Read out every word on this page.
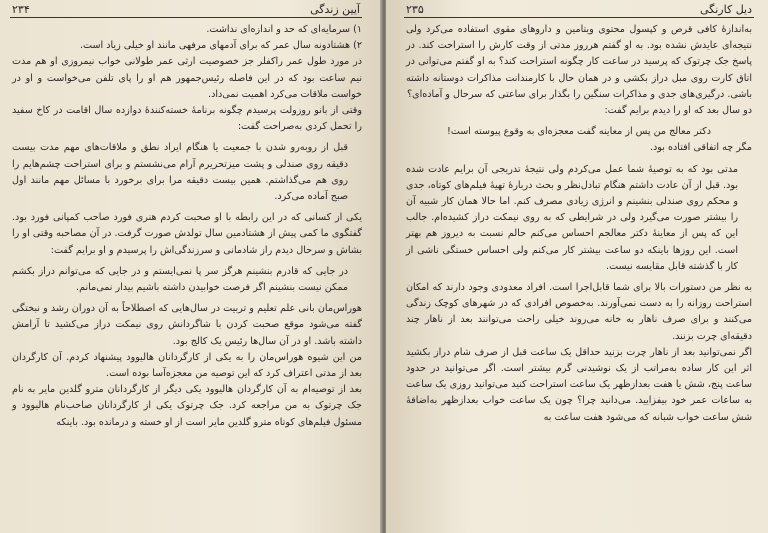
آیین زندگی
۲۳۴

۱) سرمایه‌ای که حد و اندازه‌ای نداشت.

۲) هشتادونه سال عمر که برای آدمهای مرفهی مانند او خیلی زیاد است.

در مورد طول عمر راکفلر جز خصوصیت ارثی عمر طولانی خواب نیمروزی او هم مدت نیم ساعت بود که در این فاصله رئیس‌جمهور هم او را پای تلفن می‌خواست و او در خواست ملاقات می‌کرد اهمیت نمی‌داد.

وقتی از بانو روزولت پرسیدم چگونه برنامهٔ خسته‌کنندهٔ دوازده سال اقامت در کاخ سفید را تحمل کردی به‌صراحت گفت:

قبل از روبه‌رو شدن با جمعیت یا هنگام ایراد نطق و ملاقات‌های مهم مدت بیست دقیقه روی صندلی و پشت میزتحریرم آرام می‌نشستم و برای استراحت چشم‌هایم را روی هم می‌گذاشتم. همین بیست دقیقه مرا برای برخورد با مسائل مهم مانند اول صبح آماده می‌کرد.

یکی از کسانی که در این رابطه با او صحبت کردم هنری فورد صاحب کمپانی فورد بود. گفتگوی ما کمی پیش از هشتادمین سال تولدش صورت گرفت. در آن مصاحبه وقتی او را بشاش و سرحال دیدم راز شادمانی و سرزندگی‌اش را پرسیدم و او برایم گفت:

در جایی که قادرم بنشینم هرگز سر پا نمی‌ایستم و در جایی که می‌توانم دراز بکشم ممکن نیست بنشینم اگر فرصت خوابیدن داشته باشیم بیدار نمی‌مانم.

هوراس‌مان بانی علم تعلیم و تربیت در سال‌هایی که اصطلاحاً به آن دوران رشد و نبختگی گفته می‌شود موقع صحبت کردن با شاگردانش روی نیمکت دراز می‌کشید تا آرامش داشته باشد. او در آن سال‌ها رئیس یک کالج بود.

من این شیوه هوراس‌مان را به یکی از کارگردانان هالیوود پیشنهاد کردم. آن کارگردان بعد از مدتی اعتراف کرد که این توصیه من معجزه‌آسا بوده است.

بعد از توصیه‌ام به آن کارگردان هالیوود یکی دیگر از کارگردانان مترو گلدین مایر به نام جک چرتوک به من مراجعه کرد. جک چرتوک یکی از کارگردانان صاحب‌نام هالیوود و مسئول فیلم‌های کوتاه مترو گلدین مایر است از او خسته و درمانده بود. باینکه

دیل کارنگی
۲۳۵

به‌اندازهٔ کافی قرص و کپسول محتوی ویتامین و داروهای مقوی استفاده می‌کرد ولی نتیجه‌ای عایدش نشده بود. به او گفتم هرروز مدتی از وقت کارش را استراحت کند. در پاسخ جک چرتوک که پرسید در ساعت کار چگونه استراحت کند؟ به او گفتم می‌توانی در اتاق کارت روی مبل دراز بکشی و در همان حال با کارمندانت مذاکرات دوستانه داشته باشی. درگیری‌های جدی و مذاکرات سنگین را بگذار برای ساعتی که سرحال و آماده‌ای؟

دو سال بعد که او را دیدم برایم گفت:

دکتر معالج من پس از معاینه گفت معجزه‌ای به وقوع پیوسته است!

مگر چه اتفاقی افتاده بود.

مدتی بود که به توصیهٔ شما عمل می‌کردم ولی نتیجهٔ تدریجی آن برایم عادت شده بود. قبل از آن عادت داشتم هنگام تبادل‌نظر و بحث دربارهٔ تهیهٔ فیلم‌های کوتاه، جدی و محکم روی صندلی بنشینم و انرژی زیادی مصرف کنم. اما حالا همان کار شبیه آن را بیشتر صورت می‌گیرد ولی در شرایطی که به روی نیمکت دراز کشیده‌ام. جالب این که پس از معاینهٔ دکتر معالجم احساس می‌کنم حالم نسبت به دیروز هم بهتر است. این روزها باینکه دو ساعت بیشتر کار می‌کنم ولی احساس خستگی ناشی از کار با گذشته قابل مقایسه نیست.

به نظر من دستورات بالا برای شما قابل‌اجرا است. افراد معدودی وجود دارند که امکان استراحت روزانه را به دست نمی‌آورند. به‌خصوص افرادی که در شهرهای کوچک زندگی می‌کنند و برای صرف ناهار به خانه می‌روند خیلی راحت می‌توانند بعد از ناهار چند دقیقه‌ای چرت بزنند.

اگر نمی‌توانید بعد از ناهار چرت بزنید حداقل یک ساعت قبل از صرف شام دراز بکشید اثر این کار ساده به‌مراتب از یک نوشیدنی گرم بیشتر است. اگر می‌توانید در حدود ساعت پنج، شش یا هفت بعدازظهر یک ساعت استراحت کنید می‌توانید روزی یک ساعت به ساعات عمر خود بیفزایید. می‌دانید چرا؟ چون یک ساعت خواب بعدازظهر به‌اضافهٔ شش ساعت خواب شبانه که می‌شود هفت ساعت به
